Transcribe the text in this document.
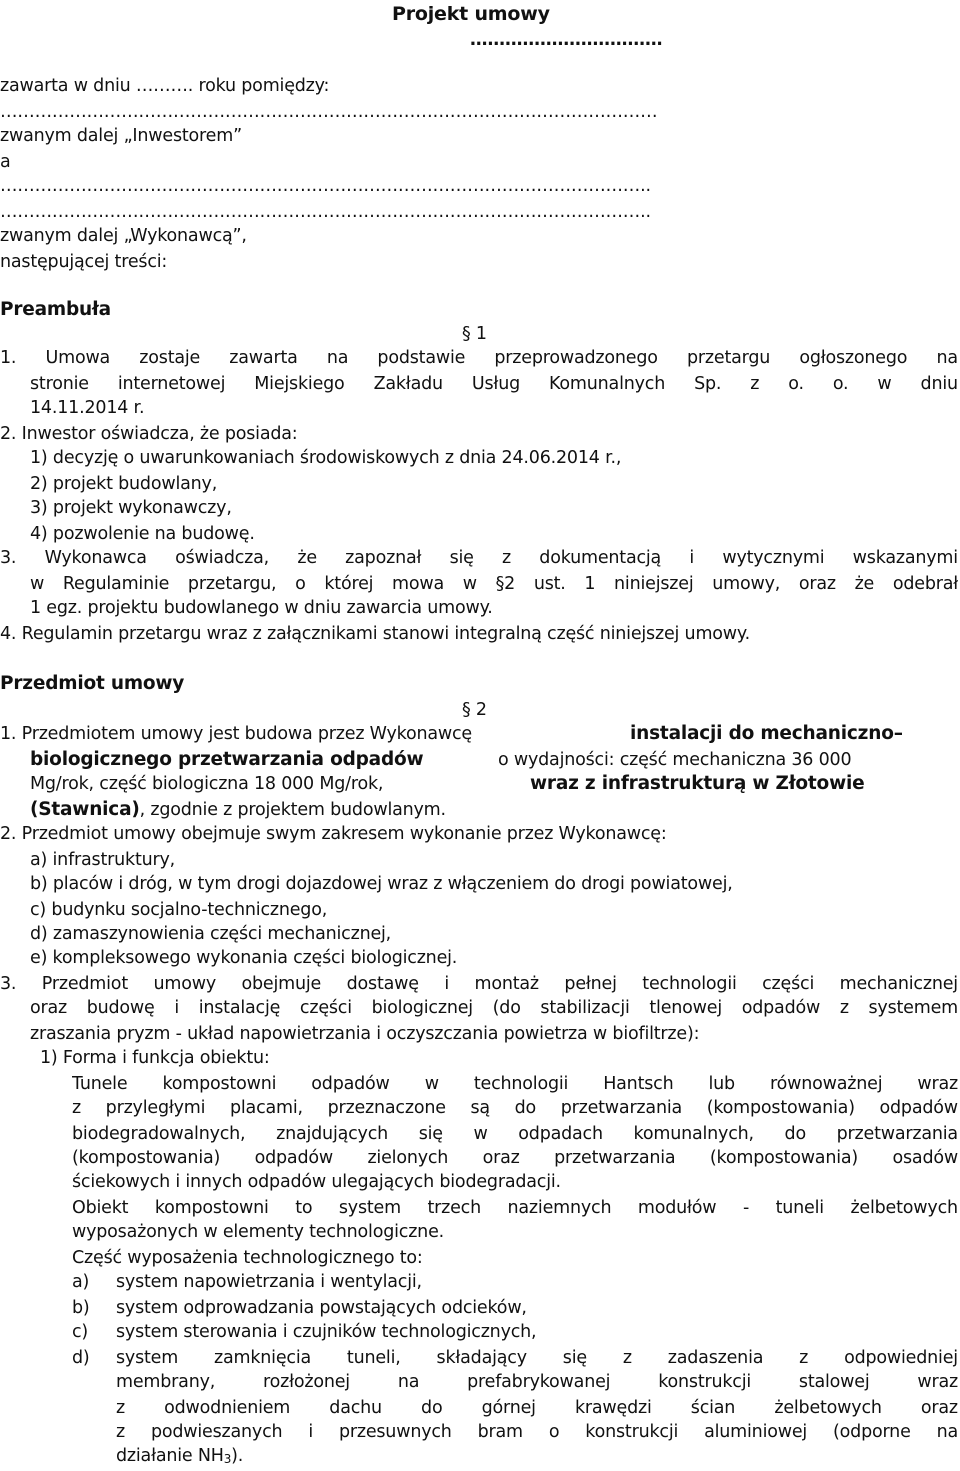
Projekt umowy
……………………………
zawarta w dniu ………. roku pomiędzy:
……………………………………………………………………………………………………
zwanym dalej „Inwestorem”
a
…………………………………………………………………………………………………..
…………………………………………………………………………………………………..
zwanym dalej „Wykonawcą”,
następującej treści:
Preambuła
§ 1
1. Umowa zostaje zawarta na podstawie przeprowadzonego przetargu ogłoszonego na
stronie internetowej Miejskiego Zakładu Usług Komunalnych Sp. z o. o. w dniu
14.11.2014 r.
2. Inwestor oświadcza, że posiada:
1) decyzję o uwarunkowaniach środowiskowych z dnia 24.06.2014 r.,
2) projekt budowlany,
3) projekt wykonawczy,
4) pozwolenie na budowę.
3. Wykonawca oświadcza, że zapoznał się z dokumentacją i wytycznymi wskazanymi
w Regulaminie przetargu, o której mowa w §2 ust. 1 niniejszej umowy, oraz że odebrał
1 egz. projektu budowlanego w dniu zawarcia umowy.
4. Regulamin przetargu wraz z załącznikami stanowi integralną część niniejszej umowy.
Przedmiot umowy
§ 2
1. Przedmiotem umowy jest budowa przez Wykonawcę	instalacji do mechaniczno–
biologicznego przetwarzania odpadów	o wydajności: część mechaniczna 36 000
Mg/rok, część biologiczna 18 000 Mg/rok,	wraz z infrastrukturą w Złotowie
(Stawnica), zgodnie z projektem budowlanym.
2. Przedmiot umowy obejmuje swym zakresem wykonanie przez Wykonawcę:
a) infrastruktury,
b) placów i dróg, w tym drogi dojazdowej wraz z włączeniem do drogi powiatowej,
c) budynku socjalno-technicznego,
d) zamaszynowienia części mechanicznej,
e) kompleksowego wykonania części biologicznej.
3. Przedmiot umowy obejmuje dostawę i montaż pełnej technologii części mechanicznej
oraz budowę i instalację części biologicznej (do stabilizacji tlenowej odpadów z systemem
zraszania pryzm - układ napowietrzania i oczyszczania powietrza w biofiltrze):
1) Forma i funkcja obiektu:
Tunele kompostowni odpadów w technologii Hantsch lub równoważnej wraz
z przyległymi placami, przeznaczone są do przetwarzania (kompostowania) odpadów
biodegradowalnych, znajdujących się w odpadach komunalnych, do przetwarzania
(kompostowania) odpadów zielonych oraz przetwarzania (kompostowania) osadów
ściekowych i innych odpadów ulegających biodegradacji.
Obiekt kompostowni to system trzech naziemnych modułów - tuneli żelbetowych
wyposażonych w elementy technologiczne.
Część wyposażenia technologicznego to:
a) system napowietrzania i wentylacji,
b) system odprowadzania powstających odcieków,
c) system sterowania i czujników technologicznych,
d) system zamknięcia tuneli, składający się z zadaszenia z odpowiedniej
membrany,	rozłożonej	na	prefabrykowanej	konstrukcji	stalowej	wraz
z odwodnieniem dachu do górnej krawędzi ścian żelbetowych oraz
z podwieszanych i przesuwnych bram o konstrukcji aluminiowej (odporne na
działanie $NH_3$).
